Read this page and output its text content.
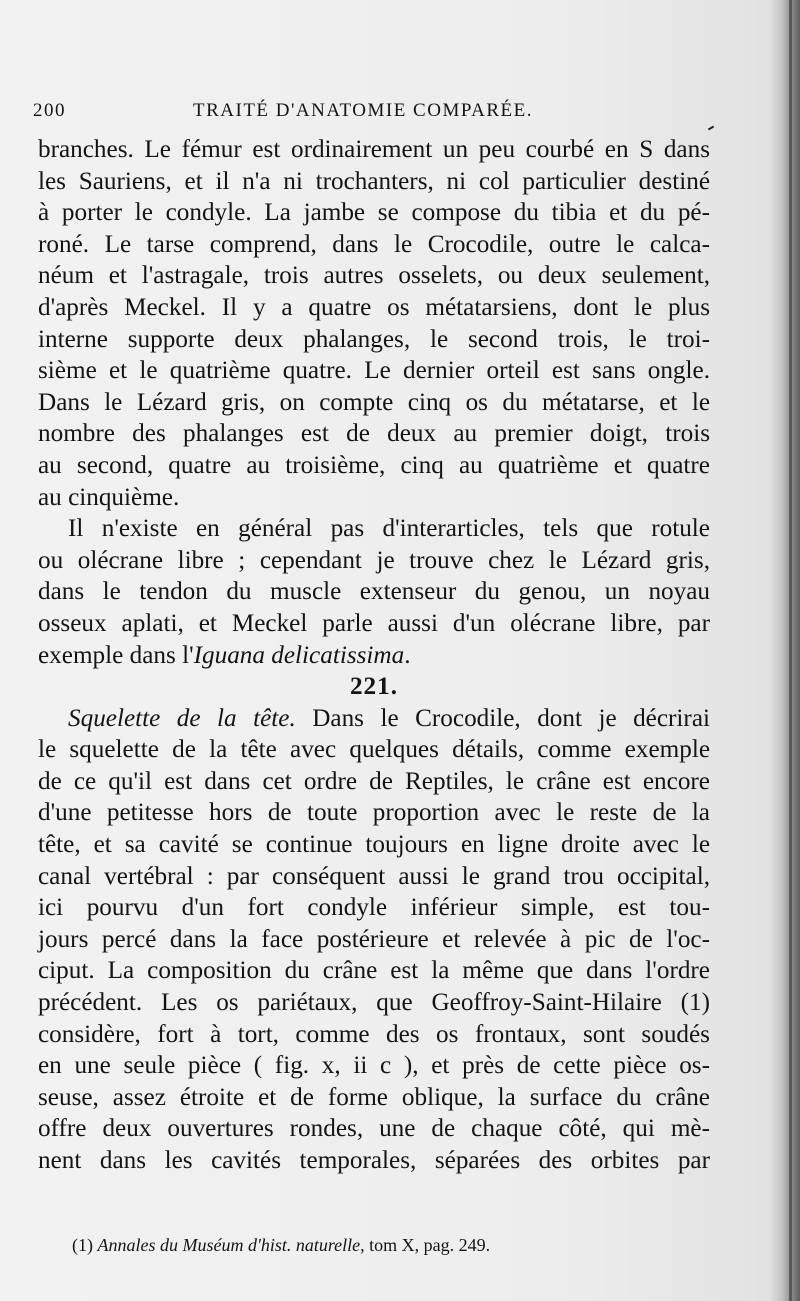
200	TRAITÉ D'ANATOMIE COMPARÉE.
branches. Le fémur est ordinairement un peu courbé en S dans
les Sauriens, et il n'a ni trochanters, ni col particulier destiné
à porter le condyle. La jambe se compose du tibia et du pé-
roné. Le tarse comprend, dans le Crocodile, outre le calca-
néum et l'astragale, trois autres osselets, ou deux seulement,
d'après Meckel. Il y a quatre os métatarsiens, dont le plus
interne supporte deux phalanges, le second trois, le troi-
sième et le quatrième quatre. Le dernier orteil est sans ongle.
Dans le Lézard gris, on compte cinq os du métatarse, et le
nombre des phalanges est de deux au premier doigt, trois
au second, quatre au troisième, cinq au quatrième et quatre
au cinquième.
Il n'existe en général pas d'interarticles, tels que rotule
ou olécrane libre ; cependant je trouve chez le Lézard gris,
dans le tendon du muscle extenseur du genou, un noyau
osseux aplati, et Meckel parle aussi d'un olécrane libre, par
exemple dans l'Iguana delicatissima.
221.
Squelette de la tête. Dans le Crocodile, dont je décrirai
le squelette de la tête avec quelques détails, comme exemple
de ce qu'il est dans cet ordre de Reptiles, le crâne est encore
d'une petitesse hors de toute proportion avec le reste de la
tête, et sa cavité se continue toujours en ligne droite avec le
canal vertébral : par conséquent aussi le grand trou occipital,
ici pourvu d'un fort condyle inférieur simple, est tou-
jours percé dans la face postérieure et relevée à pic de l'oc-
ciput. La composition du crâne est la même que dans l'ordre
précédent. Les os pariétaux, que Geoffroy-Saint-Hilaire (1)
considère, fort à tort, comme des os frontaux, sont soudés
en une seule pièce ( fig. x, ii c ), et près de cette pièce os-
seuse, assez étroite et de forme oblique, la surface du crâne
offre deux ouvertures rondes, une de chaque côté, qui mè-
nent dans les cavités temporales, séparées des orbites par
(1) Annales du Muséum d'hist. naturelle, tom X, pag. 249.
